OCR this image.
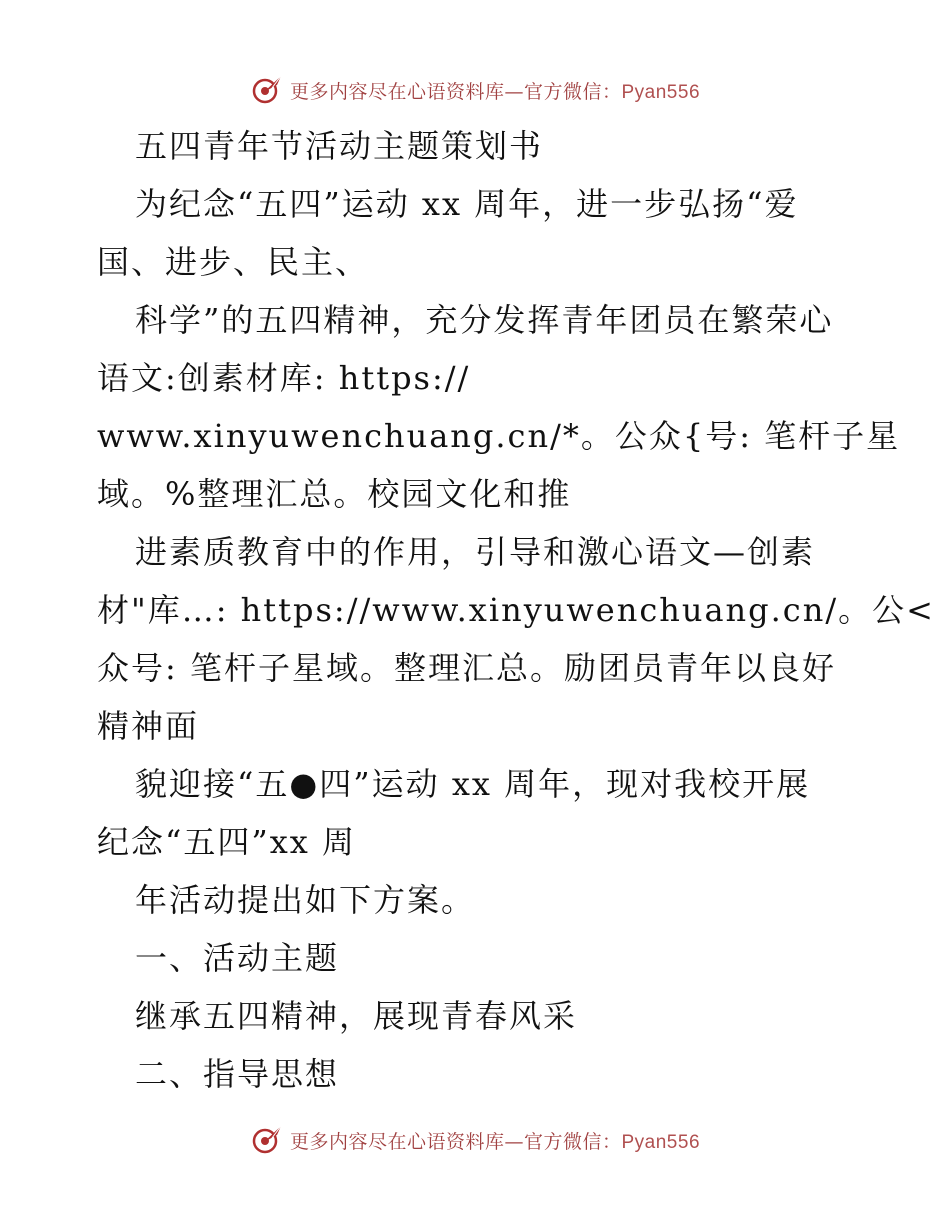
更多内容尽在心语资料库—官方微信：Pyan556
五四青年节活动主题策划书
为纪念“五四”运动 xx 周年，进一步弘扬“爱
国、进步、民主、
科学”的五四精神，充分发挥青年团员在繁荣心
语文:创素材库: https://
www.xinyuwenchuang.cn/*。公众{号: 笔杆子星
域。%整理汇总。校园文化和推
进素质教育中的作用，引导和激心语文—创素
材"库…: https://www.xinyuwenchuang.cn/。公<
众号: 笔杆子星域。整理汇总。励团员青年以良好
精神面
貌迎接“五●四”运动 xx 周年，现对我校开展
纪念“五四”xx 周
年活动提出如下方案。
一、活动主题
继承五四精神，展现青春风采
二、指导思想
更多内容尽在心语资料库—官方微信：Pyan556
